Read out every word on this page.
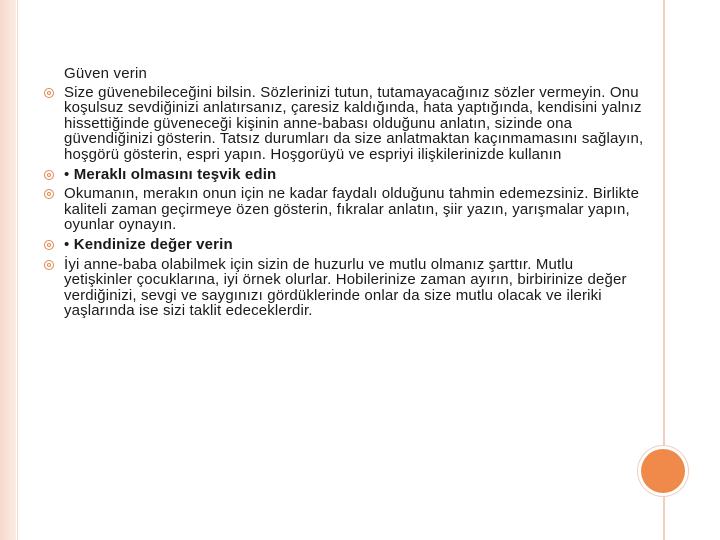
Güven verin
Size güvenebileceğini bilsin. Sözlerinizi tutun, tutamayacağınız sözler vermeyin. Onu koşulsuz sevdiğinizi anlatırsanız, çaresiz kaldığında, hata yaptığında, kendisini yalnız hissettiğinde güveneceği kişinin anne-babası olduğunu anlatın, sizinde ona güvendiğinizi gösterin. Tatsız durumları da size anlatmaktan kaçınmamasını sağlayın, hoşgörü gösterin, espri yapın. Hoşgorüyü ve espriyi ilişkilerinizde kullanın
• Meraklı olmasını teşvik edin
Okumanın, merakın onun için ne kadar faydalı olduğunu tahmin edemezsiniz. Birlikte kaliteli zaman geçirmeye özen gösterin, fıkralar anlatın, şiir yazın, yarışmalar yapın, oyunlar oynayın.
• Kendinize değer verin
İyi anne-baba olabilmek için sizin de huzurlu ve mutlu olmanız şarttır. Mutlu yetişkinler çocuklarına, iyi örnek olurlar. Hobilerinize zaman ayırın, birbirinize değer verdiğinizi, sevgi ve saygınızı gördüklerinde onlar da size mutlu olacak ve ileriki yaşlarında ise sizi taklit edeceklerdir.
